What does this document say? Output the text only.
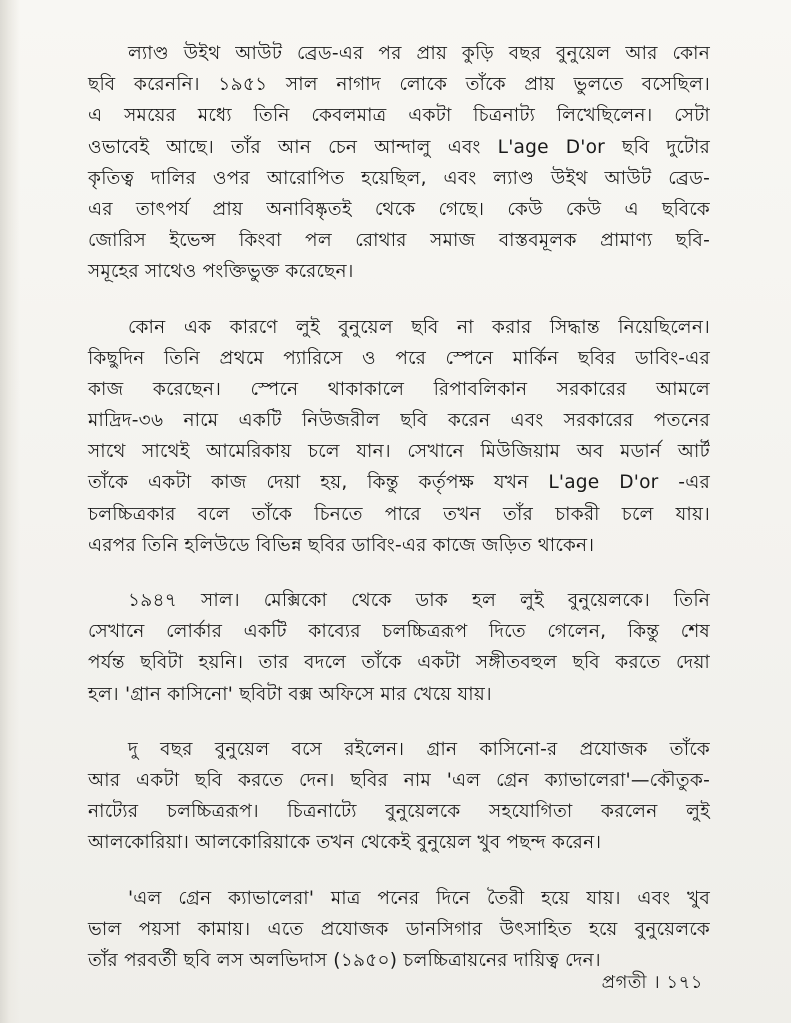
ল্যাণ্ড উইথ আউট ব্রেড-এর পর প্রায় কুড়ি বছর বুনুয়েল আর কোন
ছবি করেননি। ১৯৫১ সাল নাগাদ লোকে তাঁকে প্রায় ভুলতে বসেছিল।
এ সময়ের মধ্যে তিনি কেবলমাত্র একটা চিত্রনাট্য লিখেছিলেন। সেটা
ওভাবেই আছে। তাঁর আন চেন আন্দালু এবং L'age D'or ছবি দুটোর
কৃতিত্ব দালির ওপর আরোপিত হয়েছিল, এবং ল্যাণ্ড উইথ আউট ব্রেড-
এর তাৎপর্য প্রায় অনাবিষ্কৃতই থেকে গেছে। কেউ কেউ এ ছবিকে
জোরিস ইভেন্স কিংবা পল রোথার সমাজ বাস্তবমূলক প্রামাণ্য ছবি-
সমূহের সাথেও পংক্তিভুক্ত করেছেন।
কোন এক কারণে লুই বুনুয়েল ছবি না করার সিদ্ধান্ত নিয়েছিলেন।
কিছুদিন তিনি প্রথমে প্যারিসে ও পরে স্পেনে মার্কিন ছবির ডাবিং-এর
কাজ করেছেন। স্পেনে থাকাকালে রিপাবলিকান সরকারের আমলে
মাদ্রিদ-৩৬ নামে একটি নিউজরীল ছবি করেন এবং সরকারের পতনের
সাথে সাথেই আমেরিকায় চলে যান। সেখানে মিউজিয়াম অব মডার্ন আর্ট
তাঁকে একটা কাজ দেয়া হয়, কিন্তু কর্তৃপক্ষ যখন L'age D'or -এর
চলচ্চিত্রকার বলে তাঁকে চিনতে পারে তখন তাঁর চাকরী চলে যায়।
এরপর তিনি হলিউডে বিভিন্ন ছবির ডাবিং-এর কাজে জড়িত থাকেন।
১৯৪৭ সাল। মেক্সিকো থেকে ডাক হল লুই বুনুয়েলকে। তিনি
সেখানে লোর্কার একটি কাব্যের চলচ্চিত্ররূপ দিতে গেলেন, কিন্তু শেষ
পর্যন্ত ছবিটা হয়নি। তার বদলে তাঁকে একটা সঙ্গীতবহুল ছবি করতে দেয়া
হল। 'গ্রান কাসিনো' ছবিটা বক্স অফিসে মার খেয়ে যায়।
দু বছর বুনুয়েল বসে রইলেন। গ্রান কাসিনো-র প্রযোজক তাঁকে
আর একটা ছবি করতে দেন। ছবির নাম 'এল গ্রেন ক্যাভালেরা'—কৌতুক-
নাট্যের চলচ্চিত্ররূপ। চিত্রনাট্যে বুনুয়েলকে সহযোগিতা করলেন লুই
আলকোরিয়া। আলকোরিয়াকে তখন থেকেই বুনুয়েল খুব পছন্দ করেন।
'এল গ্রেন ক্যাভালেরা' মাত্র পনের দিনে তৈরী হয়ে যায়। এবং খুব
ভাল পয়সা কামায়। এতে প্রযোজক ডানসিগার উৎসাহিত হয়ে বুনুয়েলকে
তাঁর পরবর্তী ছবি লস অলভিদাস (১৯৫০) চলচ্চিত্রায়নের দায়িত্ব দেন।
প্রগতী । ১৭১
